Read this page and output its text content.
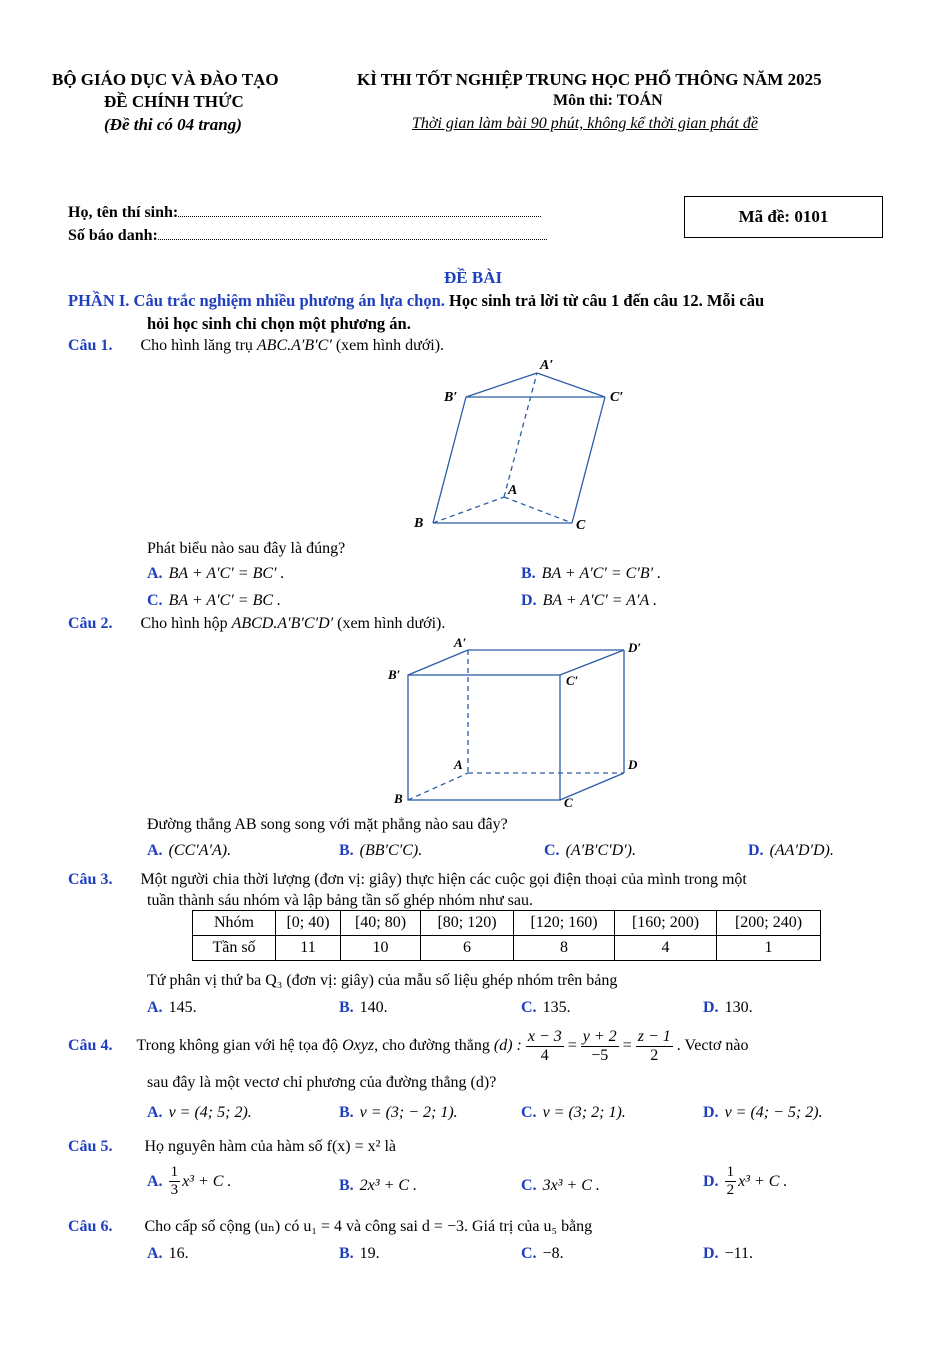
BỘ GIÁO DỤC VÀ ĐÀO TẠO
ĐỀ CHÍNH THỨC
(Đề thi có 04 trang)
KÌ THI TỐT NGHIỆP TRUNG HỌC PHỔ THÔNG NĂM 2025
Môn thi: TOÁN
Thời gian làm bài 90 phút, không kể thời gian phát đề
Họ, tên thí sinh:
Số báo danh:
Mã đề: 0101
ĐỀ BÀI
PHẦN I. Câu trắc nghiệm nhiều phương án lựa chọn. Học sinh trả lời từ câu 1 đến câu 12. Mỗi câu
hỏi học sinh chỉ chọn một phương án.
Câu 1. Cho hình lăng trụ ABC.A′B′C′ (xem hình dưới).
A′
B′	C′
A
B	C
Phát biểu nào sau đây là đúng?
A. BA + A′C′ = BC′ .	B. BA + A′C′ = C′B′ .
C. BA + A′C′ = BC .	D. BA + A′C′ = A′A .
Câu 2. Cho hình hộp ABCD.A′B′C′D′ (xem hình dưới).
A′	D′
B′	C′
A	D
B	C
Đường thẳng AB song song với mặt phẳng nào sau đây?
A. (CC′A′A).	B. (BB′C′C).	C. (A′B′C′D′).	D. (AA′D′D).
Câu 3. Một người chia thời lượng (đơn vị: giây) thực hiện các cuộc gọi điện thoại của mình trong một
tuần thành sáu nhóm và lập bảng tần số ghép nhóm như sau.
Nhóm	[0; 40)	[40; 80)	[80; 120)	[120; 160)	[160; 200)	[200; 240)
Tần số	11	10	6	8	4	1
Tứ phân vị thứ ba Q₃ (đơn vị: giây) của mẫu số liệu ghép nhóm trên bảng
A. 145.	B. 140.	C. 135.	D. 130.
Câu 4. Trong không gian với hệ tọa độ
Oxyz , cho đường thẳng
(d) : $\frac{x - 3}{4} = \frac{y + 2}{-5} = \frac{z - 1}{2}$ . Vectơ nào
sau đây là một vectơ chỉ phương của đường thẳng (d)?
A. v = (4; 5; 2).	B. v = (3; − 2; 1).	C. v = (3; 2; 1).	D. v = (4; − 5; 2).
Câu 5. Họ nguyên hàm của hàm số f(x) = x² là
A. $\frac{1}{3} x^3 + C$ .	B. 2x³ + C .	C. 3x³ + C .	D. $\frac{1}{2} x^3 + C$ .
Câu 6. Cho cấp số cộng (uₙ) có u₁ = 4 và công sai d = −3. Giá trị của u₅ bằng
A. 16.	B. 19.	C. −8.	D. −11.
